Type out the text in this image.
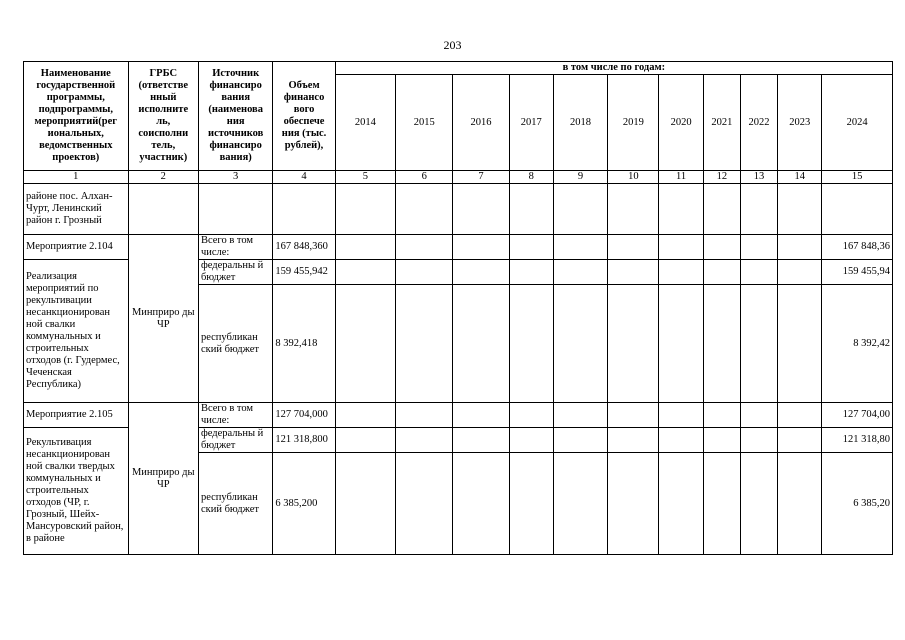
203
Наименование государственной программы, подпрограммы, мероприятий(рег иональных, ведомственных проектов)	ГРБС (ответстве нный исполните ль, соисполни тель, участник)	Источник финансиро вания (наименова ния источников финансиро вания)	Объем финансо вого обеспече ния (тыс. рублей),	в том числе по годам:										
				2014	2015	2016	2017	2018	2019	2020	2021	2022	2023	2024
1	2	3	4	5	6	7	8	9	10	11	12	13	14	15
районе пос. Алхан-Чурт, Ленинский район г. Грозный														
Мероприятие 2.104	Минприро ды ЧР	Всего в том числе:	167 848,360											167 848,36
Реализация мероприятий по рекультивации несанкционирован ной свалки коммунальных и строительных отходов (г. Гудермес, Чеченская Республика)		федеральны й бюджет	159 455,942											159 455,94
		республикан ский бюджет	8 392,418											8 392,42
Мероприятие 2.105	Минприро ды ЧР	Всего в том числе:	127 704,000											127 704,00
Рекультивация несанкционирован ной свалки твердых коммунальных и строительных отходов (ЧР, г. Грозный, Шейх-Мансуровский район, в районе		федеральны й бюджет	121 318,800											121 318,80
		республикан ский бюджет	6 385,200											6 385,20
